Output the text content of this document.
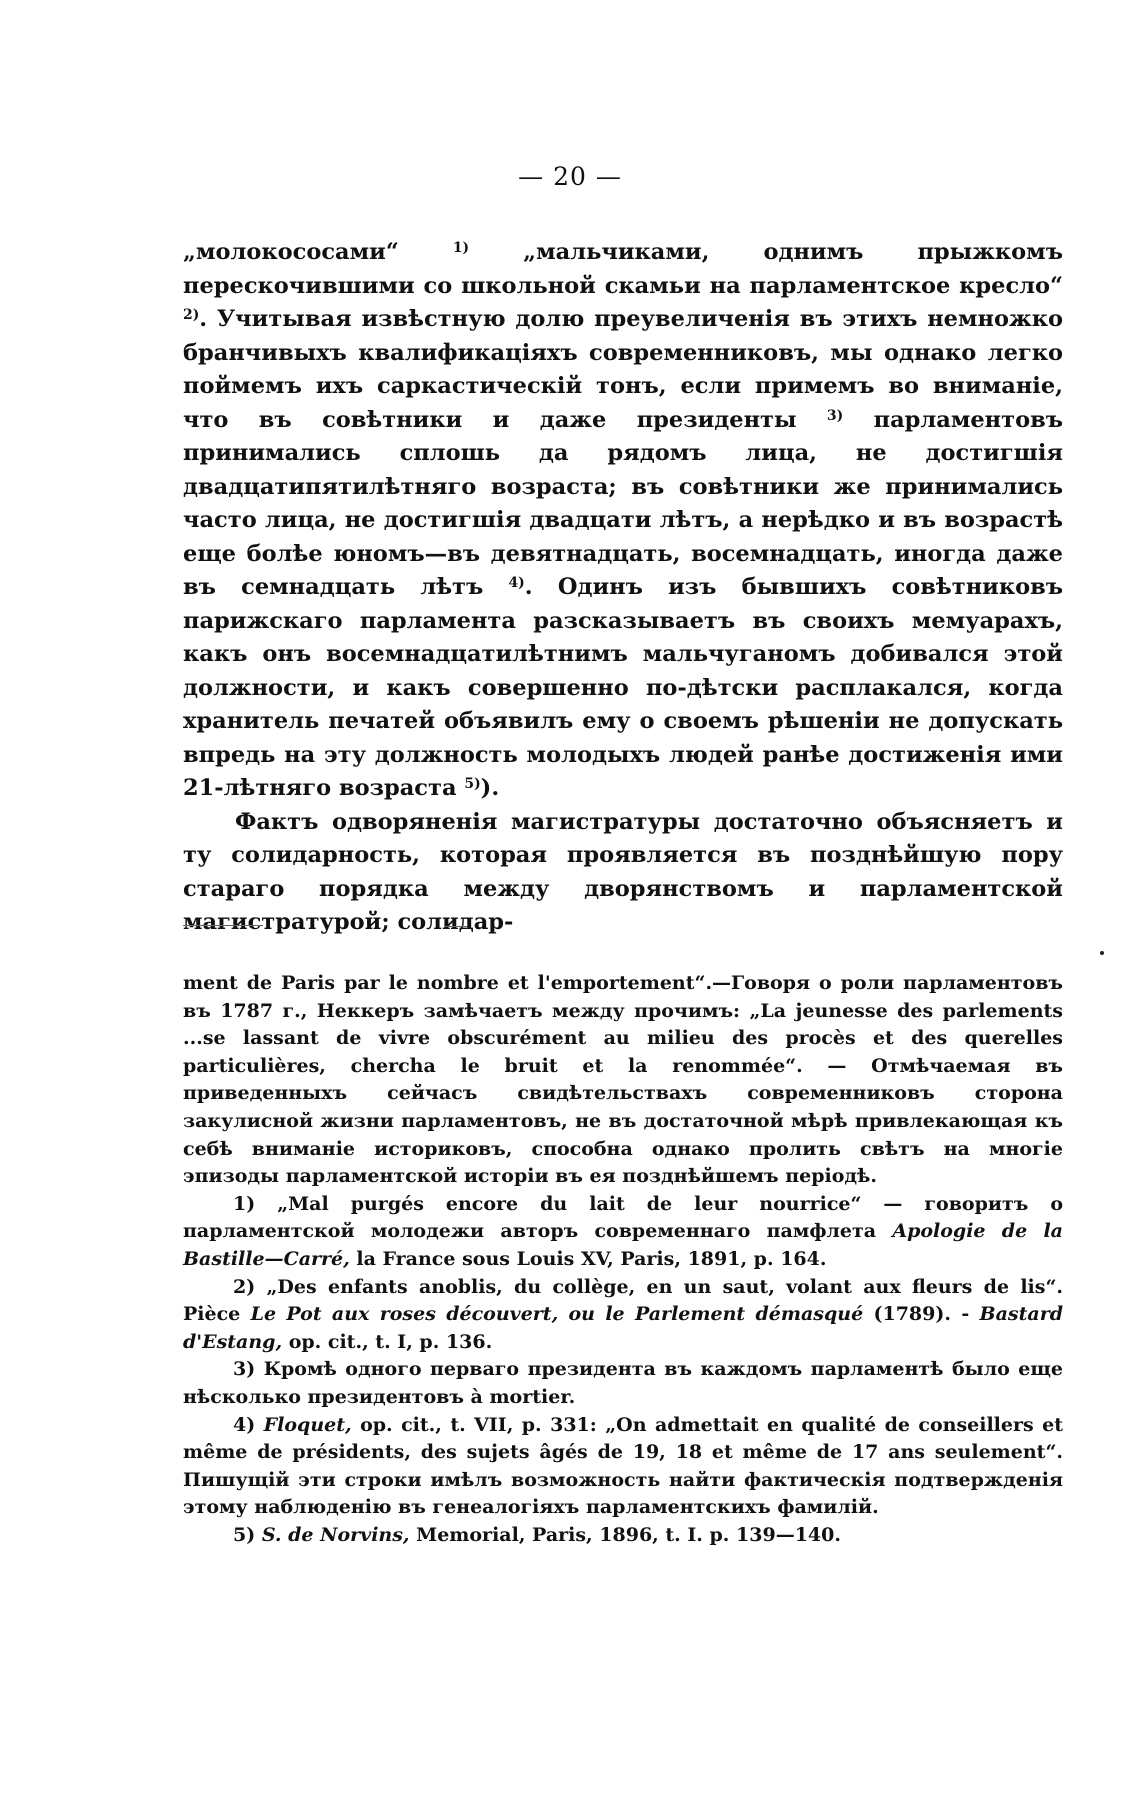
— 20 —

„молокососами“ $^{1)}$ „мальчиками, однимъ прыжкомъ перескочившими со школьной скамьи на парламентское кресло“ $^{2)}$. Учитывая извѣстную долю преувеличенія въ этихъ немножко бранчивыхъ квалификаціяхъ современниковъ, мы однако легко поймемъ ихъ саркастическій тонъ, если примемъ во вниманіе, что въ совѣтники и даже президенты $^{3)}$ парламентовъ принимались сплошь да рядомъ лица, не достигшія двадцатипятилѣтняго возраста; въ совѣтники же принимались часто лица, не достигшія двадцати лѣтъ, а нерѣдко и въ возрастѣ еще болѣе юномъ—въ девятнадцать, восемнадцать, иногда даже въ семнадцать лѣтъ $^{4)}$. Одинъ изъ бывшихъ совѣтниковъ парижскаго парламента разсказываетъ въ своихъ мемуарахъ, какъ онъ восемнадцатилѣтнимъ мальчуганомъ добивался этой должности, и какъ совершенно по-дѣтски расплакался, когда хранитель печатей объявилъ ему о своемъ рѣшеніи не допускать впредь на эту должность молодыхъ людей ранѣе достиженія ими 21-лѣтняго возраста $^{5)}$).

Фактъ одворяненія магистратуры достаточно объясняетъ и ту солидарность, которая проявляется въ позднѣйшую пору стараго порядка между дворянствомъ и парламентской магистратурой; солидар-

ment de Paris par le nombre et l'emportement“.—Говоря о роли парламентовъ въ 1787 г., Неккеръ замѣчаетъ между прочимъ: „La jeunesse des parlements ...se lassant de vivre obscurément au milieu des procès et des querelles particulières, chercha le bruit et la renommée“. — Отмѣчаемая въ приведенныхъ сейчасъ свидѣтельствахъ современниковъ сторона закулисной жизни парламентовъ, не въ достаточной мѣрѣ привлекающая къ себѣ вниманіе историковъ, способна однако пролить свѣтъ на многіе эпизоды парламентской исторіи въ ея позднѣйшемъ періодѣ.

1) „Mal purgés encore du lait de leur nourrice“ — говоритъ о парламентской молодежи авторъ современнаго памфлета Apologie de la Bastille—Carré, la France sous Louis XV, Paris, 1891, p. 164.

2) „Des enfants anoblis, du collège, en un saut, volant aux fleurs de lis“. Pièce Le Pot aux roses découvert, ou le Parlement démasqué (1789). - Bastard d'Estang, op. cit., t. I, p. 136.

3) Кромѣ одного перваго президента въ каждомъ парламентѣ было еще нѣсколько президентовъ à mortier.

4) Floquet, op. cit., t. VII, p. 331: „On admettait en qualité de conseillers et même de présidents, des sujets âgés de 19, 18 et même de 17 ans seulement“. Пишущій эти строки имѣлъ возможность найти фактическія подтвержденія этому наблюденію въ генеалогіяхъ парламентскихъ фамилій.

5) S. de Norvins, Memorial, Paris, 1896, t. I. p. 139—140.
